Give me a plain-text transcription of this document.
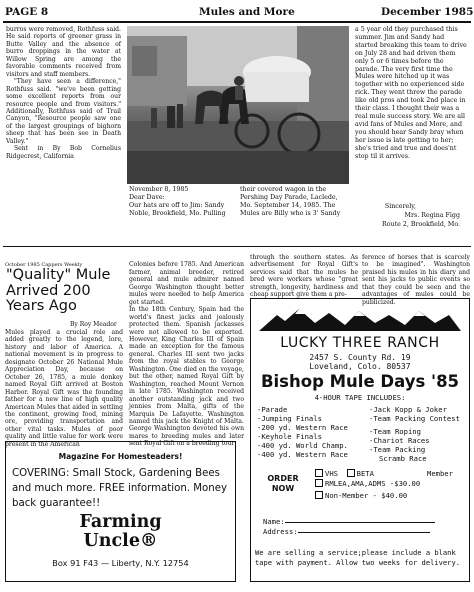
PAGE 8	Mules and More	December 1985

burros were removed, Rothfuss said. He said reports of greener grass in Butte Valley and the absence of burro droppings in the water at Willow Spring are among the favorable comments received from visitors and staff members.

"They have seen a difference," Rothfuss said. "we've been getting some excellent reports from our resource people and from visitors." Additionally, Rothfuss said of Trail Canyon, "Resource people saw one of the largest groupings of bighorn sheep that has been see in Death Valley."

Sent in By Bob Cornelius Ridgecrest, California

November 8, 1985
Dear Dave:
Our hats are off to Jim: Sandy Noble, Brookfield, Mo. Pulling
their covered wagon in the Pershing Day Parade, Laclede, Mo. September 14, 1985. The Mules are Billy who is 3' Sandy

a 5 year old they purchased this summer. Jim and Sandy had started breaking this team to drive on July 28 and had driven them only 5 or 6 times before the parade. The very first time the Mules were hitched up it was together with no experienced side rick. They went threw the parade like old pros and took 2nd place in their class. I thought their was a real mule success story. We are all avid fans of Mules and More, and you should hear Sandy bray when her issue is late getting to her; she's tried and true and does'nt stop til it arrives.

Sincerely,

Mrs. Regina Figg

Route 2, Brookfield, Mo.

October 1985 Cappers Weekly
"Quality" Mule Arrived 200 Years Ago
By Roy Meador

Mules played a crucial role and added greatly to the legend, lore, history and labor of America. A national movement is in progress to designate October 26 National Mule Appreciation Day, because on October 26, 1785, a mule donkey named Royal Gift arrived at Boston Harbor. Royal Gift was the founding father for a new line of high quality American Mules that aided in settling the continent, growing food, mining ore, providing transportation and other vital tasks. Mules of poor quality and little value for work were present in the American

Colonies before 1785. And American farmer, animal breeder, retired general and mule admirer named George Washington thought better mules were needed to help America get started.
In the 18th Century, Spain had the world's finest jacks and jealously protected them. Spanish jackasses were not allowed to be exported. However, King Charles III of Spain made an exception for the famous general. Charles III sent two jacks from the royal stables to George Washington. One died on the voyage, but the other, named Royal Gift by Washington, reached Mount Vernon in late 1785. Washington received another outstanding jack and two jennies from Malta, gifts of the Marquis De Lafayette. Washington named this jack the Knight of Malta. George Washington devoted his own mares to breeding mules and later sent Royal Gift on a breeding tour

through the southern states. As advertisement for Royal Gift's services said that the mules he bred were workers whose "great strength, longevity, hardiness and cheap support give them a pre-

ference of horses that is scarcely to be imagined". Washington praised his mules in his diary and sent his jacks to public events so that they could be seen and the advantages of mules could be publicized.

Magazine For Homesteaders!
COVERING: Small Stock, Gardening Bees and much more. FREE information. Money back guarantee!!
Farming Uncle®
Box 91 F43 — Liberty, N.Y. 12754
LUCKY THREE RANCH
2457 S. County Rd. 19
Loveland, Colo. 80537
Bishop Mule Days '85
4-HOUR TAPE INCLUDES:
-Parade
-Jumping Finals
-200 yd. Western Race
-Keyhole Finals
-400 yd. World Champ.
-400 yd. Western Race
-Jack Kopp & Joker
-Team Packing Contest
-Team Roping
-Chariot Races
-Team Packing
Scramb Race
ORDER NOW
VHS	BETA	Member
RMLEA,AMA,ADMS -$30.00
Non-Member - $40.00
Name:
Address:
We are selling a service;please include a blank tape with payment. Allow two weeks for delivery.
